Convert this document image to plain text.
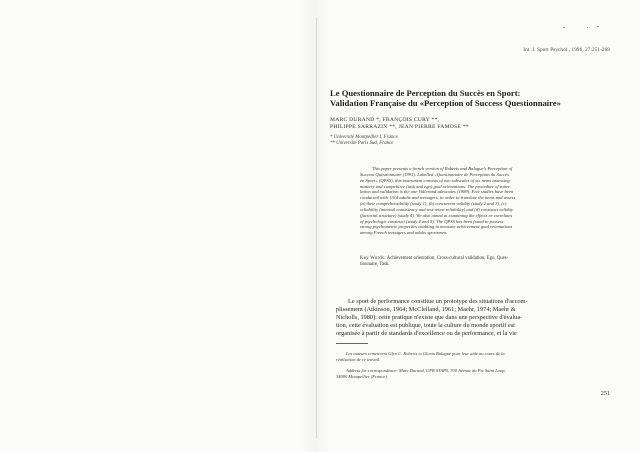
Int. J. Sport Psychol., 1996, 27:251-268
Le Questionnaire de Perception du Succès en Sport:
Validation Française du «Perception of Success Questionnaire»
MARC DURAND *, FRANÇOIS CURY **,
PHILIPPE SARRAZIN **, JEAN PIERRE FAMOSE **
* Université Montpellier I, France
** Université Paris Sud, France
This paper presents a french version of Roberts and Balague's Perception of
Success Questionnaire (1991). Labelled «Questionnaire de Perception du Succès
en Sport» (QPSS), this instrument consists of two subscales of six items assessing
mastery and competitive (task and ego) goal orientations. The procedure of trans-
lation and validation is the one Vallerand advocates (1989). Five studies have been
conducted with 1314 adults and teenagers, in order to translate the items and assess
(a) their comprehensibility (study 1), (b) concurrent validity (study 2 and 3), (c)
reliability (internal consistency and test-retest reliability) and (d) construct validity
(factorial structure) (study 4). We also aimed at examining the effects or correlates
of psychologic construct (study 4 and 5). The QPSS has been found to possess
strong psychometric properties enabling to measure achievement goal orientations
among French teenagers and adults sportsmen.
Key Words: Achievement orientation, Cross-cultural validation, Ego, Ques-
tionnaire, Task.
Le sport de performance constitue un prototype des situations d'accom-
plissement (Atkinson, 1964; McClelland, 1961; Maehr, 1974; Maehr &
Nicholls, 1980): cette pratique n'existe que dans une perspective d'évalua-
tion, cette évaluation est publique, toute la culture du monde sportif est
organisée à partir de standards d'excellence ou de performance, et la vie
Les auteurs remercient Glyn C. Roberts et Gloria Balague pour leur aide au cours de la
réalisation de ce travail.
Address for correspondence: Marc Durand, UFR STAPS, 700 Avenue du Pic Saint Loup,
34090 Montpellier (France).
251
